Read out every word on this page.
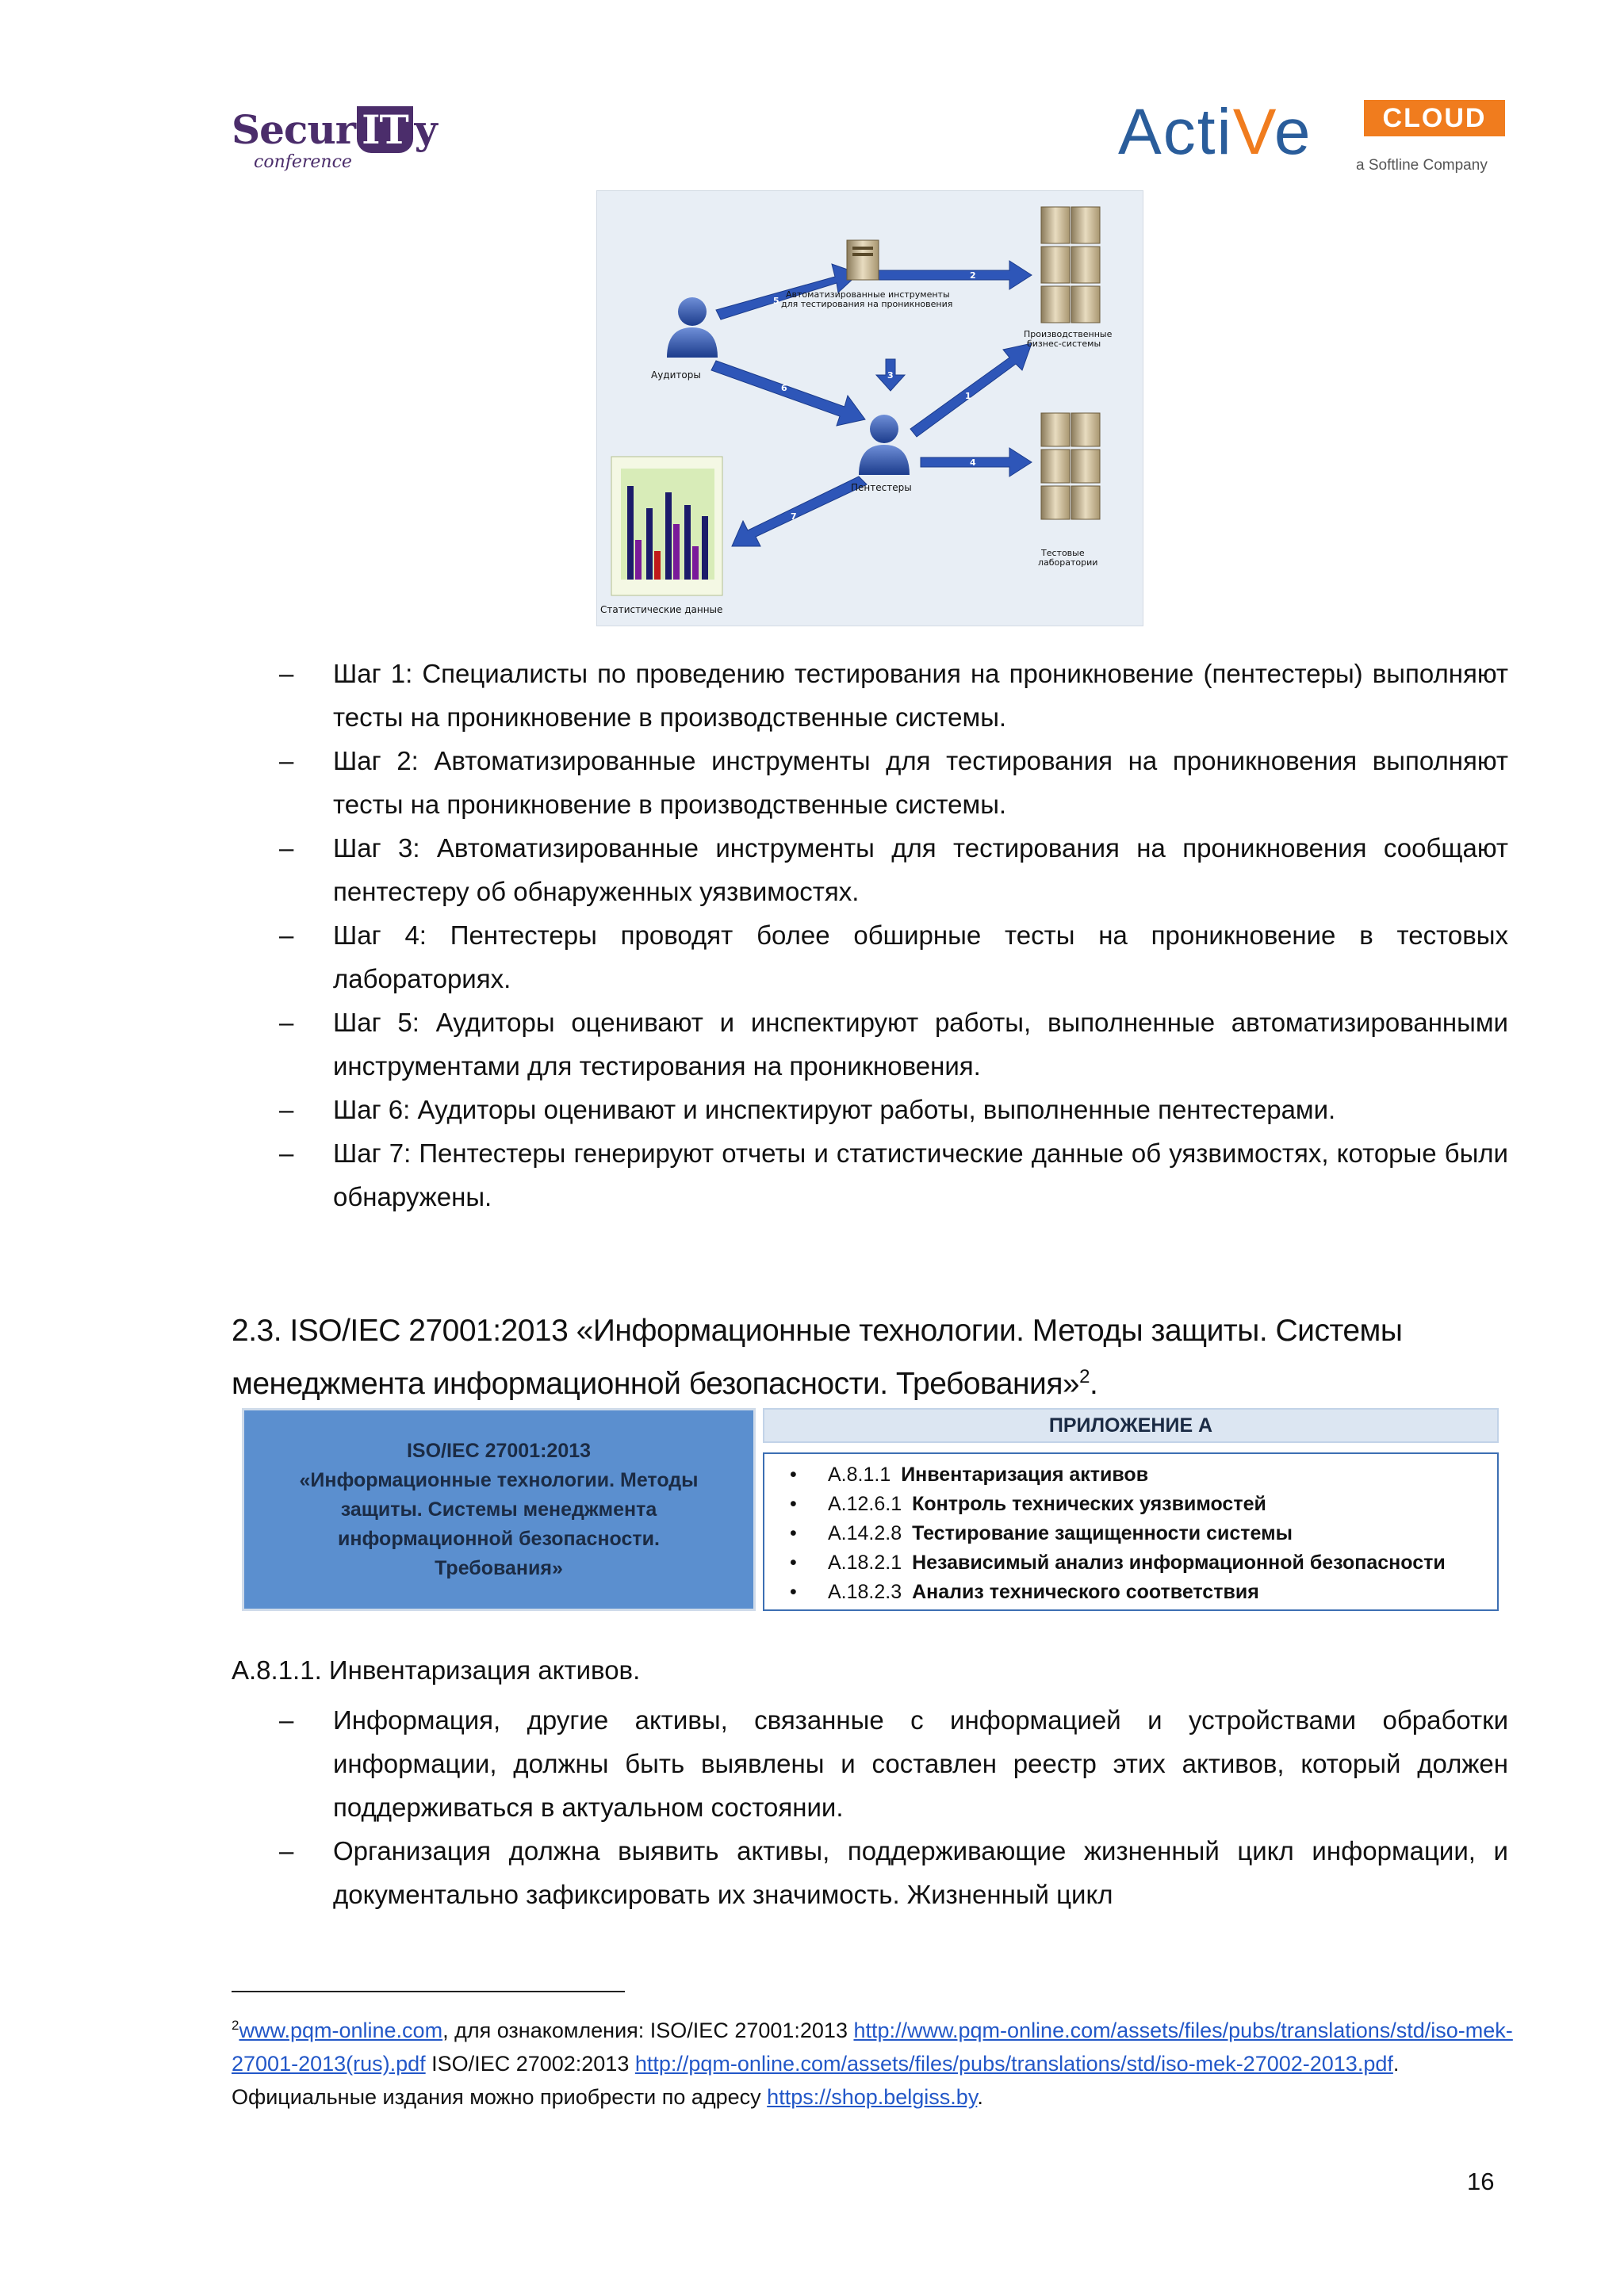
Secur IT y
conference	ActiVe	CLOUD
a Softline Company
5
2
3
6
1
4
7
Аудиторы
Автоматизированные инструменты
для тестирования на проникновения
Производственные
бизнес-системы
Пентестеры
Тестовые
лаборатории
Статистические данные
– Шаг 1: Специалисты по проведению тестирования на проникновение (пентестеры) выполняют тесты на проникновение в производственные системы.
– Шаг 2: Автоматизированные инструменты для тестирования на проникновения выполняют тесты на проникновение в производственные системы.
– Шаг 3: Автоматизированные инструменты для тестирования на проникновения сообщают пентестеру об обнаруженных уязвимостях.
– Шаг 4: Пентестеры проводят более обширные тесты на проникновение в тестовых лабораториях.
– Шаг 5: Аудиторы оценивают и инспектируют работы, выполненные автоматизированными инструментами для тестирования на проникновения.
– Шаг 6: Аудиторы оценивают и инспектируют работы, выполненные пентестерами.
– Шаг 7: Пентестеры генерируют отчеты и статистические данные об уязвимостях, которые были обнаружены.
2.3. ISO/IEC 27001:2013 «Информационные технологии. Методы защиты. Системы менеджмента информационной безопасности. Требования»$^2$.
ISO/IEC 27001:2013
«Информационные технологии. Методы
защиты. Системы менеджмента
информационной безопасности.
Требования»
ПРИЛОЖЕНИЕ А
• A.8.1.1 Инвентаризация активов
• A.12.6.1 Контроль технических уязвимостей
• A.14.2.8 Тестирование защищенности системы
• A.18.2.1 Независимый анализ информационной безопасности
• A.18.2.3 Анализ технического соответствия
A.8.1.1. Инвентаризация активов.
– Информация, другие активы, связанные с информацией и устройствами обработки информации, должны быть выявлены и составлен реестр этих активов, который должен поддерживаться в актуальном состоянии.
– Организация должна выявить активы, поддерживающие жизненный цикл информации, и документально зафиксировать их значимость. Жизненный цикл
$^2$www.pqm-online.com, для ознакомления: ISO/IEC 27001:2013 http://www.pqm-online.com/assets/files/pubs/translations/std/iso-mek-27001-2013(rus).pdf ISO/IEC 27002:2013 http://pqm-online.com/assets/files/pubs/translations/std/iso-mek-27002-2013.pdf.
Официальные издания можно приобрести по адресу https://shop.belgiss.by.
16
